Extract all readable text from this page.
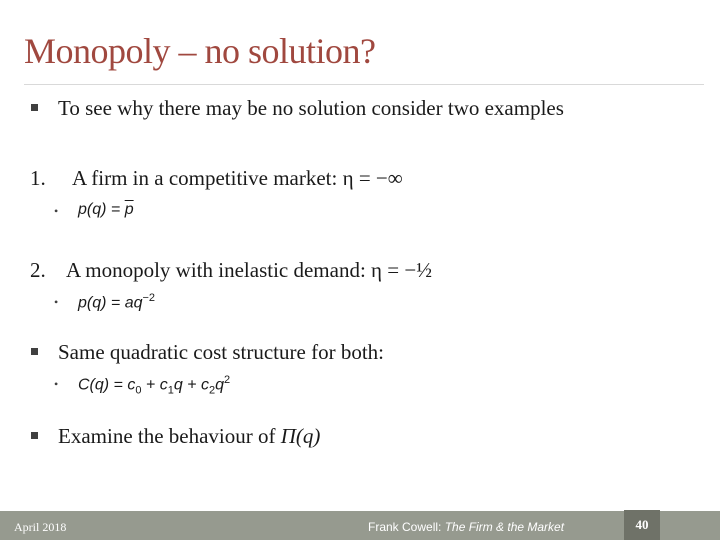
Monopoly – no solution?
To see why there may be no solution consider two examples
1. A firm in a competitive market: η = −∞
• $p(q) = \overline{p}$
2. A monopoly with inelastic demand: η = −½
• $p(q) = aq^{-2}$
Same quadratic cost structure for both:
• $C(q) = c_0 + c_1q + c_2q^2$
Examine the behaviour of Π(q)
April 2018	Frank Cowell: The Firm & the Market	40
